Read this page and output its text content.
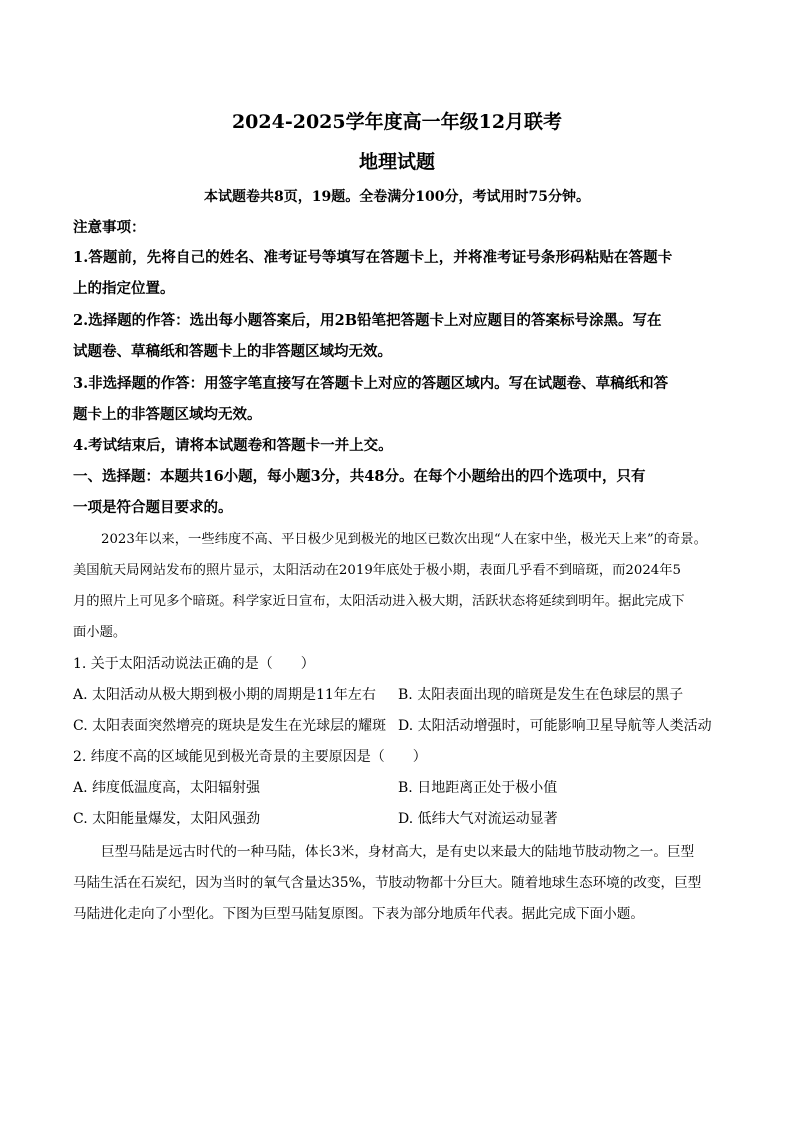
2024-2025学年度高一年级12月联考
地理试题
本试题卷共8页，19题。全卷满分100分，考试用时75分钟。
注意事项：
1.答题前，先将自己的姓名、准考证号等填写在答题卡上，并将准考证号条形码粘贴在答题卡
上的指定位置。
2.选择题的作答：选出每小题答案后，用2B铅笔把答题卡上对应题目的答案标号涂黑。写在
试题卷、草稿纸和答题卡上的非答题区域均无效。
3.非选择题的作答：用签字笔直接写在答题卡上对应的答题区域内。写在试题卷、草稿纸和答
题卡上的非答题区域均无效。
4.考试结束后，请将本试题卷和答题卡一并上交。
一、选择题：本题共16小题，每小题3分，共48分。在每个小题给出的四个选项中，只有
一项是符合题目要求的。
2023年以来，一些纬度不高、平日极少见到极光的地区已数次出现“人在家中坐，极光天上来”的奇景。
美国航天局网站发布的照片显示，太阳活动在2019年底处于极小期，表面几乎看不到暗斑，而2024年5
月的照片上可见多个暗斑。科学家近日宣布，太阳活动进入极大期，活跃状态将延续到明年。据此完成下
面小题。
1. 关于太阳活动说法正确的是（　　）
A. 太阳活动从极大期到极小期的周期是11年左右 B. 太阳表面出现的暗斑是发生在色球层的黑子
C. 太阳表面突然增亮的斑块是发生在光球层的耀斑 D. 太阳活动增强时，可能影响卫星导航等人类活动
2. 纬度不高的区域能见到极光奇景的主要原因是（　　）
A. 纬度低温度高，太阳辐射强	B. 日地距离正处于极小值
C. 太阳能量爆发，太阳风强劲	D. 低纬大气对流运动显著
巨型马陆是远古时代的一种马陆，体长3米，身材高大，是有史以来最大的陆地节肢动物之一。巨型
马陆生活在石炭纪，因为当时的氧气含量达35%，节肢动物都十分巨大。随着地球生态环境的改变，巨型
马陆进化走向了小型化。下图为巨型马陆复原图。下表为部分地质年代表。据此完成下面小题。
